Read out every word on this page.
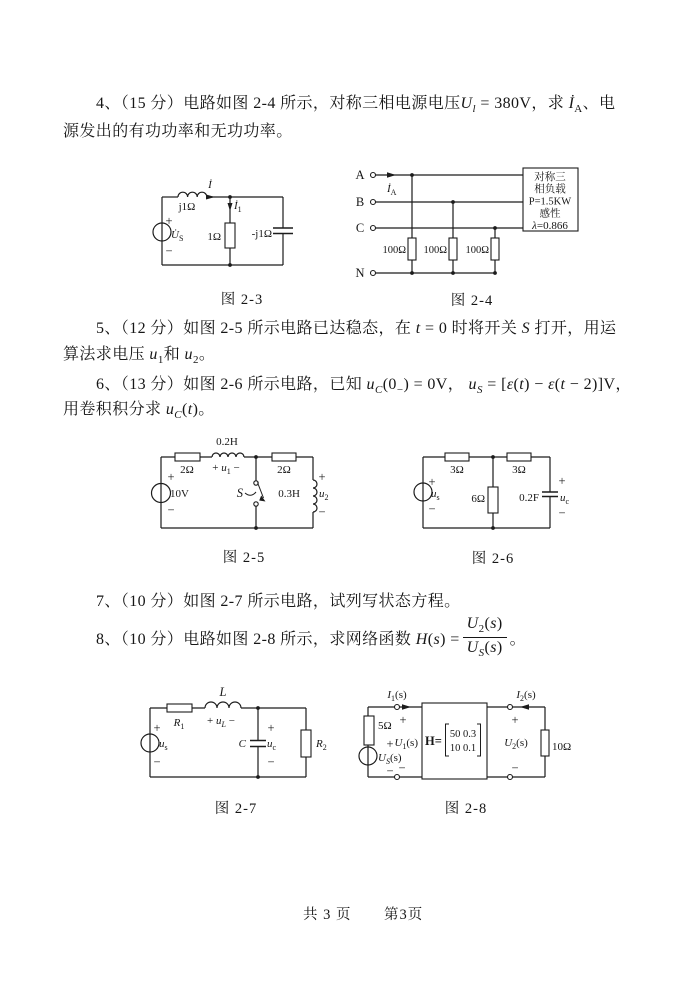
4、（15 分）电路如图 2-4 所示，对称三相电源电压$U_l = 380V$，求 $İ_A$、电
源发出的有功功率和无功功率。
5、（12 分）如图 2-5 所示电路已达稳态，在 t = 0 时将开关 S 打开，用运
算法求电压 $u_1$和 $u_2$。
6、（13 分）如图 2-6 所示电路，已知 $u_C(0_-) = 0V$， $u_S = [\varepsilon(t) - \varepsilon(t - 2)]V$，
用卷积积分求 $u_C(t)$。
7、（10 分）如图 2-7 所示电路，试列写状态方程。
8、（10 分）电路如图 2-8 所示，求网络函数 $H(s) = \frac{U_2(s)}{U_S(s)}$ 。
İ
j1Ω	$İ_1$
+
$U̇_S$
−
1Ω	-j1Ω
图 2-3
A
B
C
N
$İ_A$
100Ω 100Ω 100Ω
对称三
相负载
P=1.5KW
感性
λ=0.866
图 2-4
0.2H
$2\Omega + u_1$ −
+
10V
−
S
2Ω
0.3H $u_2$
+
−
图 2-5
3Ω	3Ω
+
$u_s$
−
6Ω	0.2F $u_c$
+
−
图 2-6
L
$R_1 + u_L$ −
+
$u_s$
−
C
+
$u_c$
−
$R_2$
图 2-7
H= 50 0.3
10 0.1
$I_1(s)$
5Ω
+
$U_S(s)$
−
+
$U_1(s)$
−
$I_2(s)$
+
$U_2(s)$
−
10Ω
图 2-8
共 3 页 第3页
